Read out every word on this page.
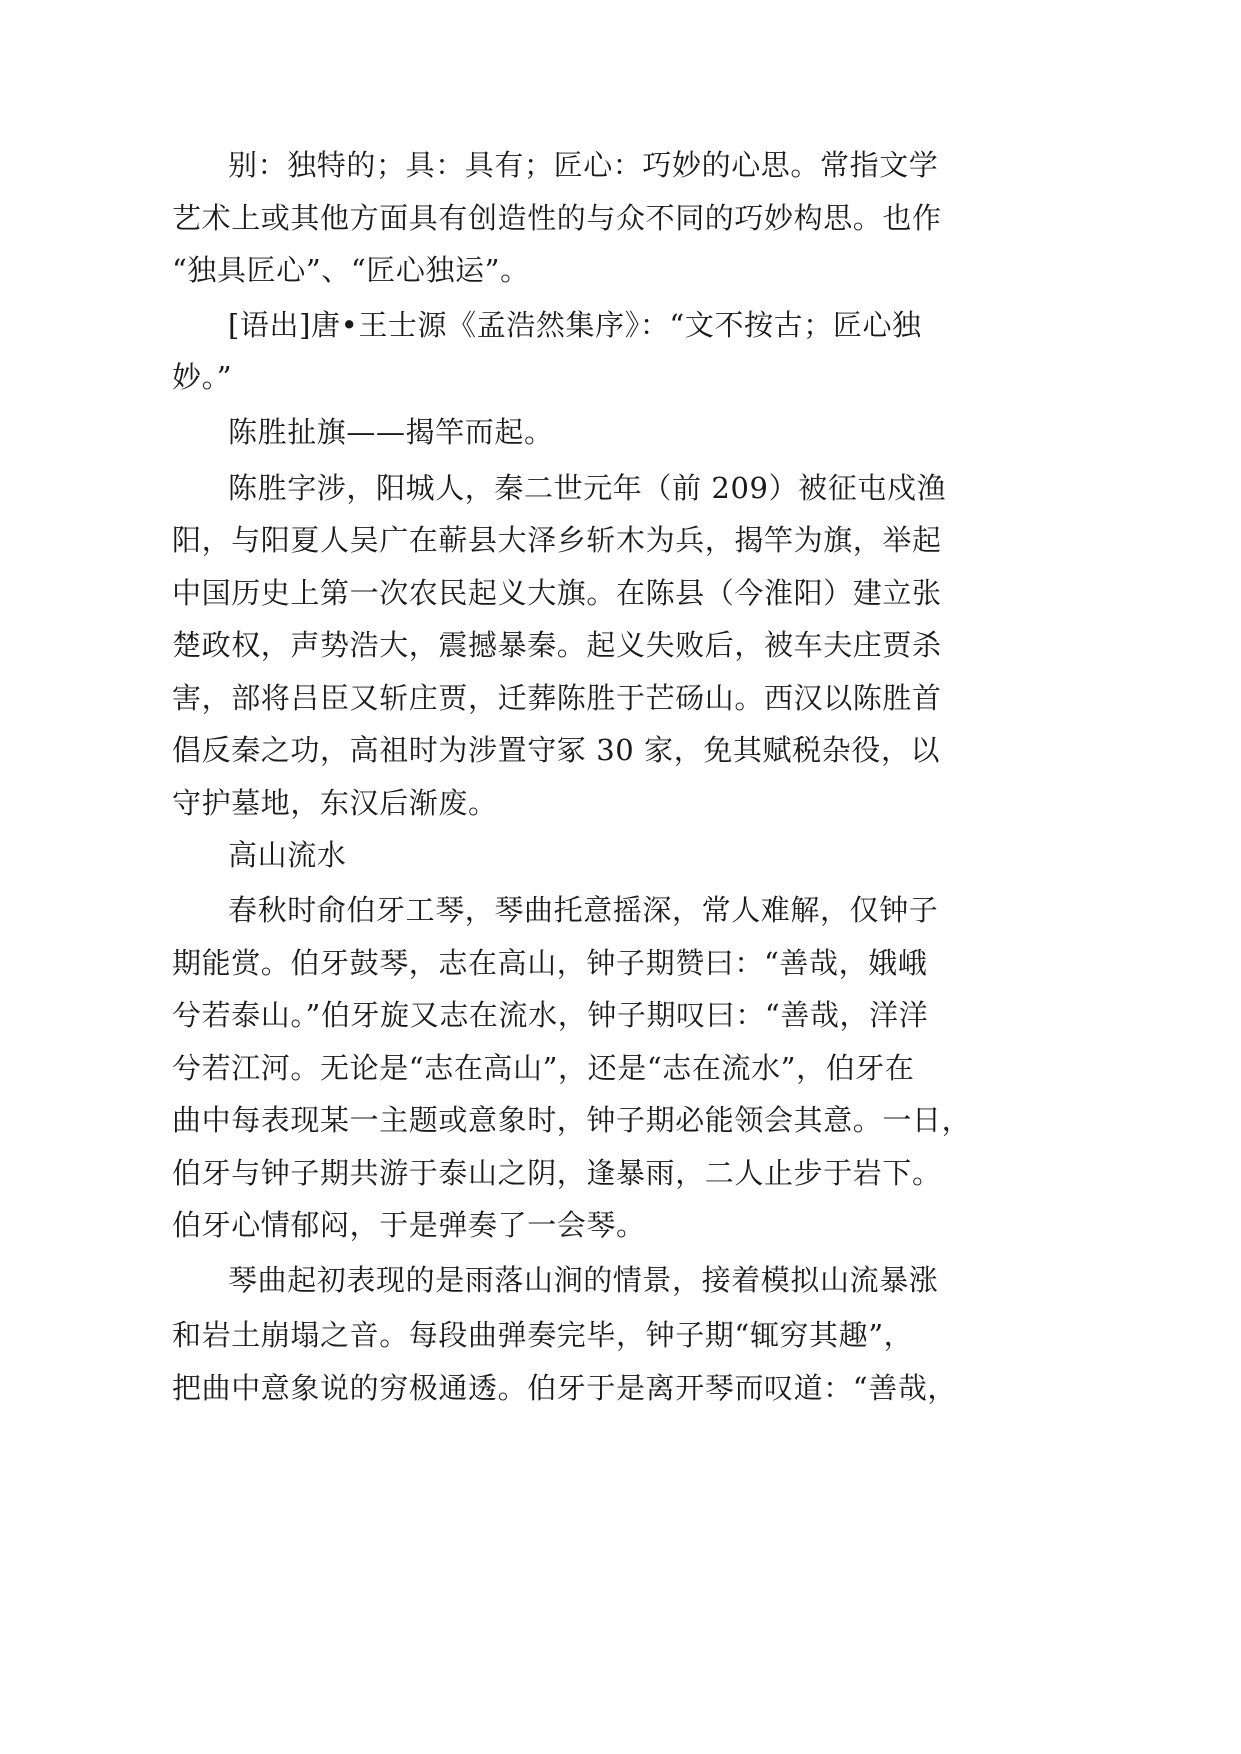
别：独特的；具：具有；匠心：巧妙的心思。常指文学
艺术上或其他方面具有创造性的与众不同的巧妙构思。也作
“独具匠心”、“匠心独运”。
[语出]唐•王士源《孟浩然集序》：“文不按古；匠心独
妙。”
陈胜扯旗——揭竿而起。
陈胜字涉，阳城人，秦二世元年（前 209）被征屯戍渔
阳，与阳夏人吴广在蕲县大泽乡斩木为兵，揭竿为旗，举起
中国历史上第一次农民起义大旗。在陈县（今淮阳）建立张
楚政权，声势浩大，震撼暴秦。起义失败后，被车夫庄贾杀
害，部将吕臣又斩庄贾，迁葬陈胜于芒砀山。西汉以陈胜首
倡反秦之功，高祖时为涉置守冢 30 家，免其赋税杂役，以
守护墓地，东汉后渐废。
高山流水
春秋时俞伯牙工琴，琴曲托意摇深，常人难解，仅钟子
期能赏。伯牙鼓琴，志在高山，钟子期赞曰：“善哉，娥峨
兮若泰山。”伯牙旋又志在流水，钟子期叹曰：“善哉，洋洋
兮若江河。无论是“志在高山”，还是“志在流水”，伯牙在
曲中每表现某一主题或意象时，钟子期必能领会其意。一日，
伯牙与钟子期共游于泰山之阴，逢暴雨，二人止步于岩下。
伯牙心情郁闷，于是弹奏了一会琴。
琴曲起初表现的是雨落山涧的情景，接着模拟山流暴涨
和岩土崩塌之音。每段曲弹奏完毕，钟子期“辄穷其趣”，
把曲中意象说的穷极通透。伯牙于是离开琴而叹道：“善哉，
